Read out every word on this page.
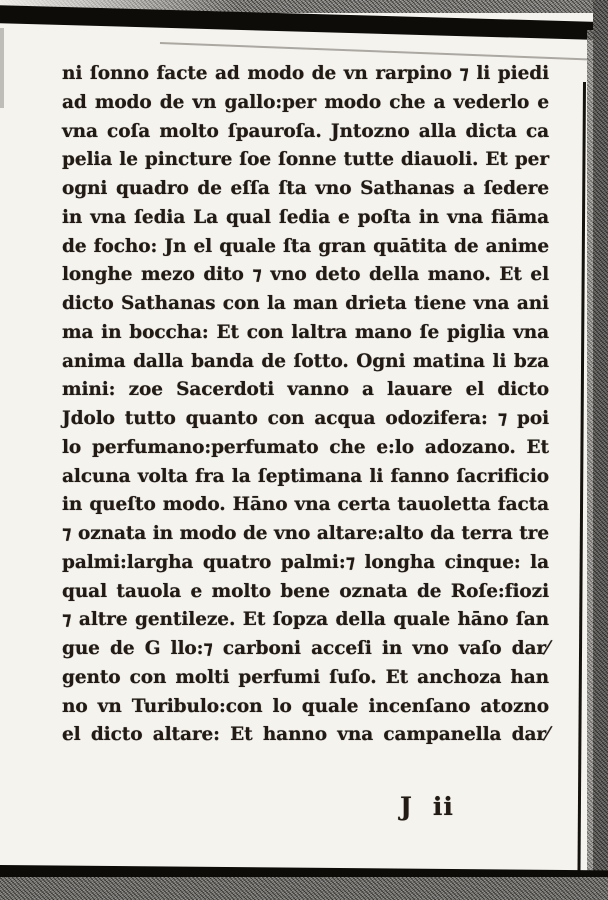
ni ſonno facte ad modo de vn rarpino ⁊ li piedi
ad modo de vn gallo:per modo che a vederlo e
vna coſa molto ſpauroſa. Jntozno alla dicta ca
pelia le pincture ſoe ſonne tutte diauoli. Et per
ogni quadro de eſſa ſta vno Sathanas a ſedere
in vna ſedia La qual ſedia e poſta in vna fiāma
de focho: Jn el quale ſta gran quātita de anime
longhe mezo dito ⁊ vno deto della mano. Et el
dicto Sathanas con la man drieta tiene vna ani
ma in boccha: Et con laltra mano ſe piglia vna
anima dalla banda de ſotto. Ogni matina li bza
mini: zoe Sacerdoti vanno a lauare el dicto
Jdolo tutto quanto con acqua odozifera: ⁊ poi
lo perfumano:perfumato che e:lo adozano. Et
alcuna volta fra la ſeptimana li fanno ſacrificio
in queſto modo. Hāno vna certa tauoletta facta
⁊ oznata in modo de vno altare:alto da terra tre
palmi:largha quatro palmi:⁊ longha cinque: la
qual tauola e molto bene oznata de Roſe:fiozi
⁊ altre gentileze. Et ſopza della quale hāno ſan
gue de G llo:⁊ carboni acceſi in vno vaſo dar⁄
gento con molti perfumi ſuſo. Et anchoza han
no vn Turibulo:con lo quale incenſano atozno
el dicto altare: Et hanno vna campanella dar⁄
J ii
